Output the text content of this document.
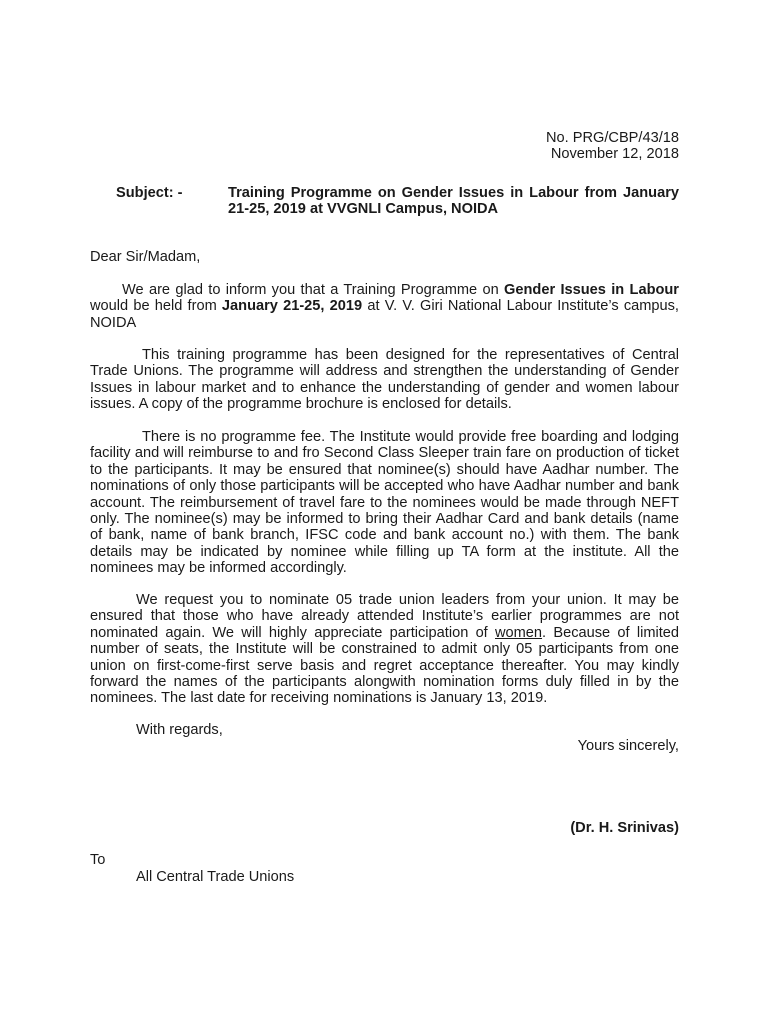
No. PRG/CBP/43/18
November 12, 2018
Subject: -	Training Programme on Gender Issues in Labour from January 21-25, 2019 at VVGNLI Campus, NOIDA
Dear Sir/Madam,

We are glad to inform you that a Training Programme on Gender Issues in Labour would be held from January 21-25, 2019 at V. V. Giri National Labour Institute’s campus, NOIDA

This training programme has been designed for the representatives of Central Trade Unions. The programme will address and strengthen the understanding of Gender Issues in labour market and to enhance the understanding of gender and women labour issues. A copy of the programme brochure is enclosed for details.

There is no programme fee. The Institute would provide free boarding and lodging facility and will reimburse to and fro Second Class Sleeper train fare on production of ticket to the participants. It may be ensured that nominee(s) should have Aadhar number. The nominations of only those participants will be accepted who have Aadhar number and bank account. The reimbursement of travel fare to the nominees would be made through NEFT only. The nominee(s) may be informed to bring their Aadhar Card and bank details (name of bank, name of bank branch, IFSC code and bank account no.) with them. The bank details may be indicated by nominee while filling up TA form at the institute. All the nominees may be informed accordingly.

We request you to nominate 05 trade union leaders from your union. It may be ensured that those who have already attended Institute’s earlier programmes are not nominated again. We will highly appreciate participation of women. Because of limited number of seats, the Institute will be constrained to admit only 05 participants from one union on first-come-first serve basis and regret acceptance thereafter. You may kindly forward the names of the participants alongwith nomination forms duly filled in by the nominees. The last date for receiving nominations is January 13, 2019.

With regards,
Yours sincerely,
(Dr. H. Srinivas)
To
All Central Trade Unions
